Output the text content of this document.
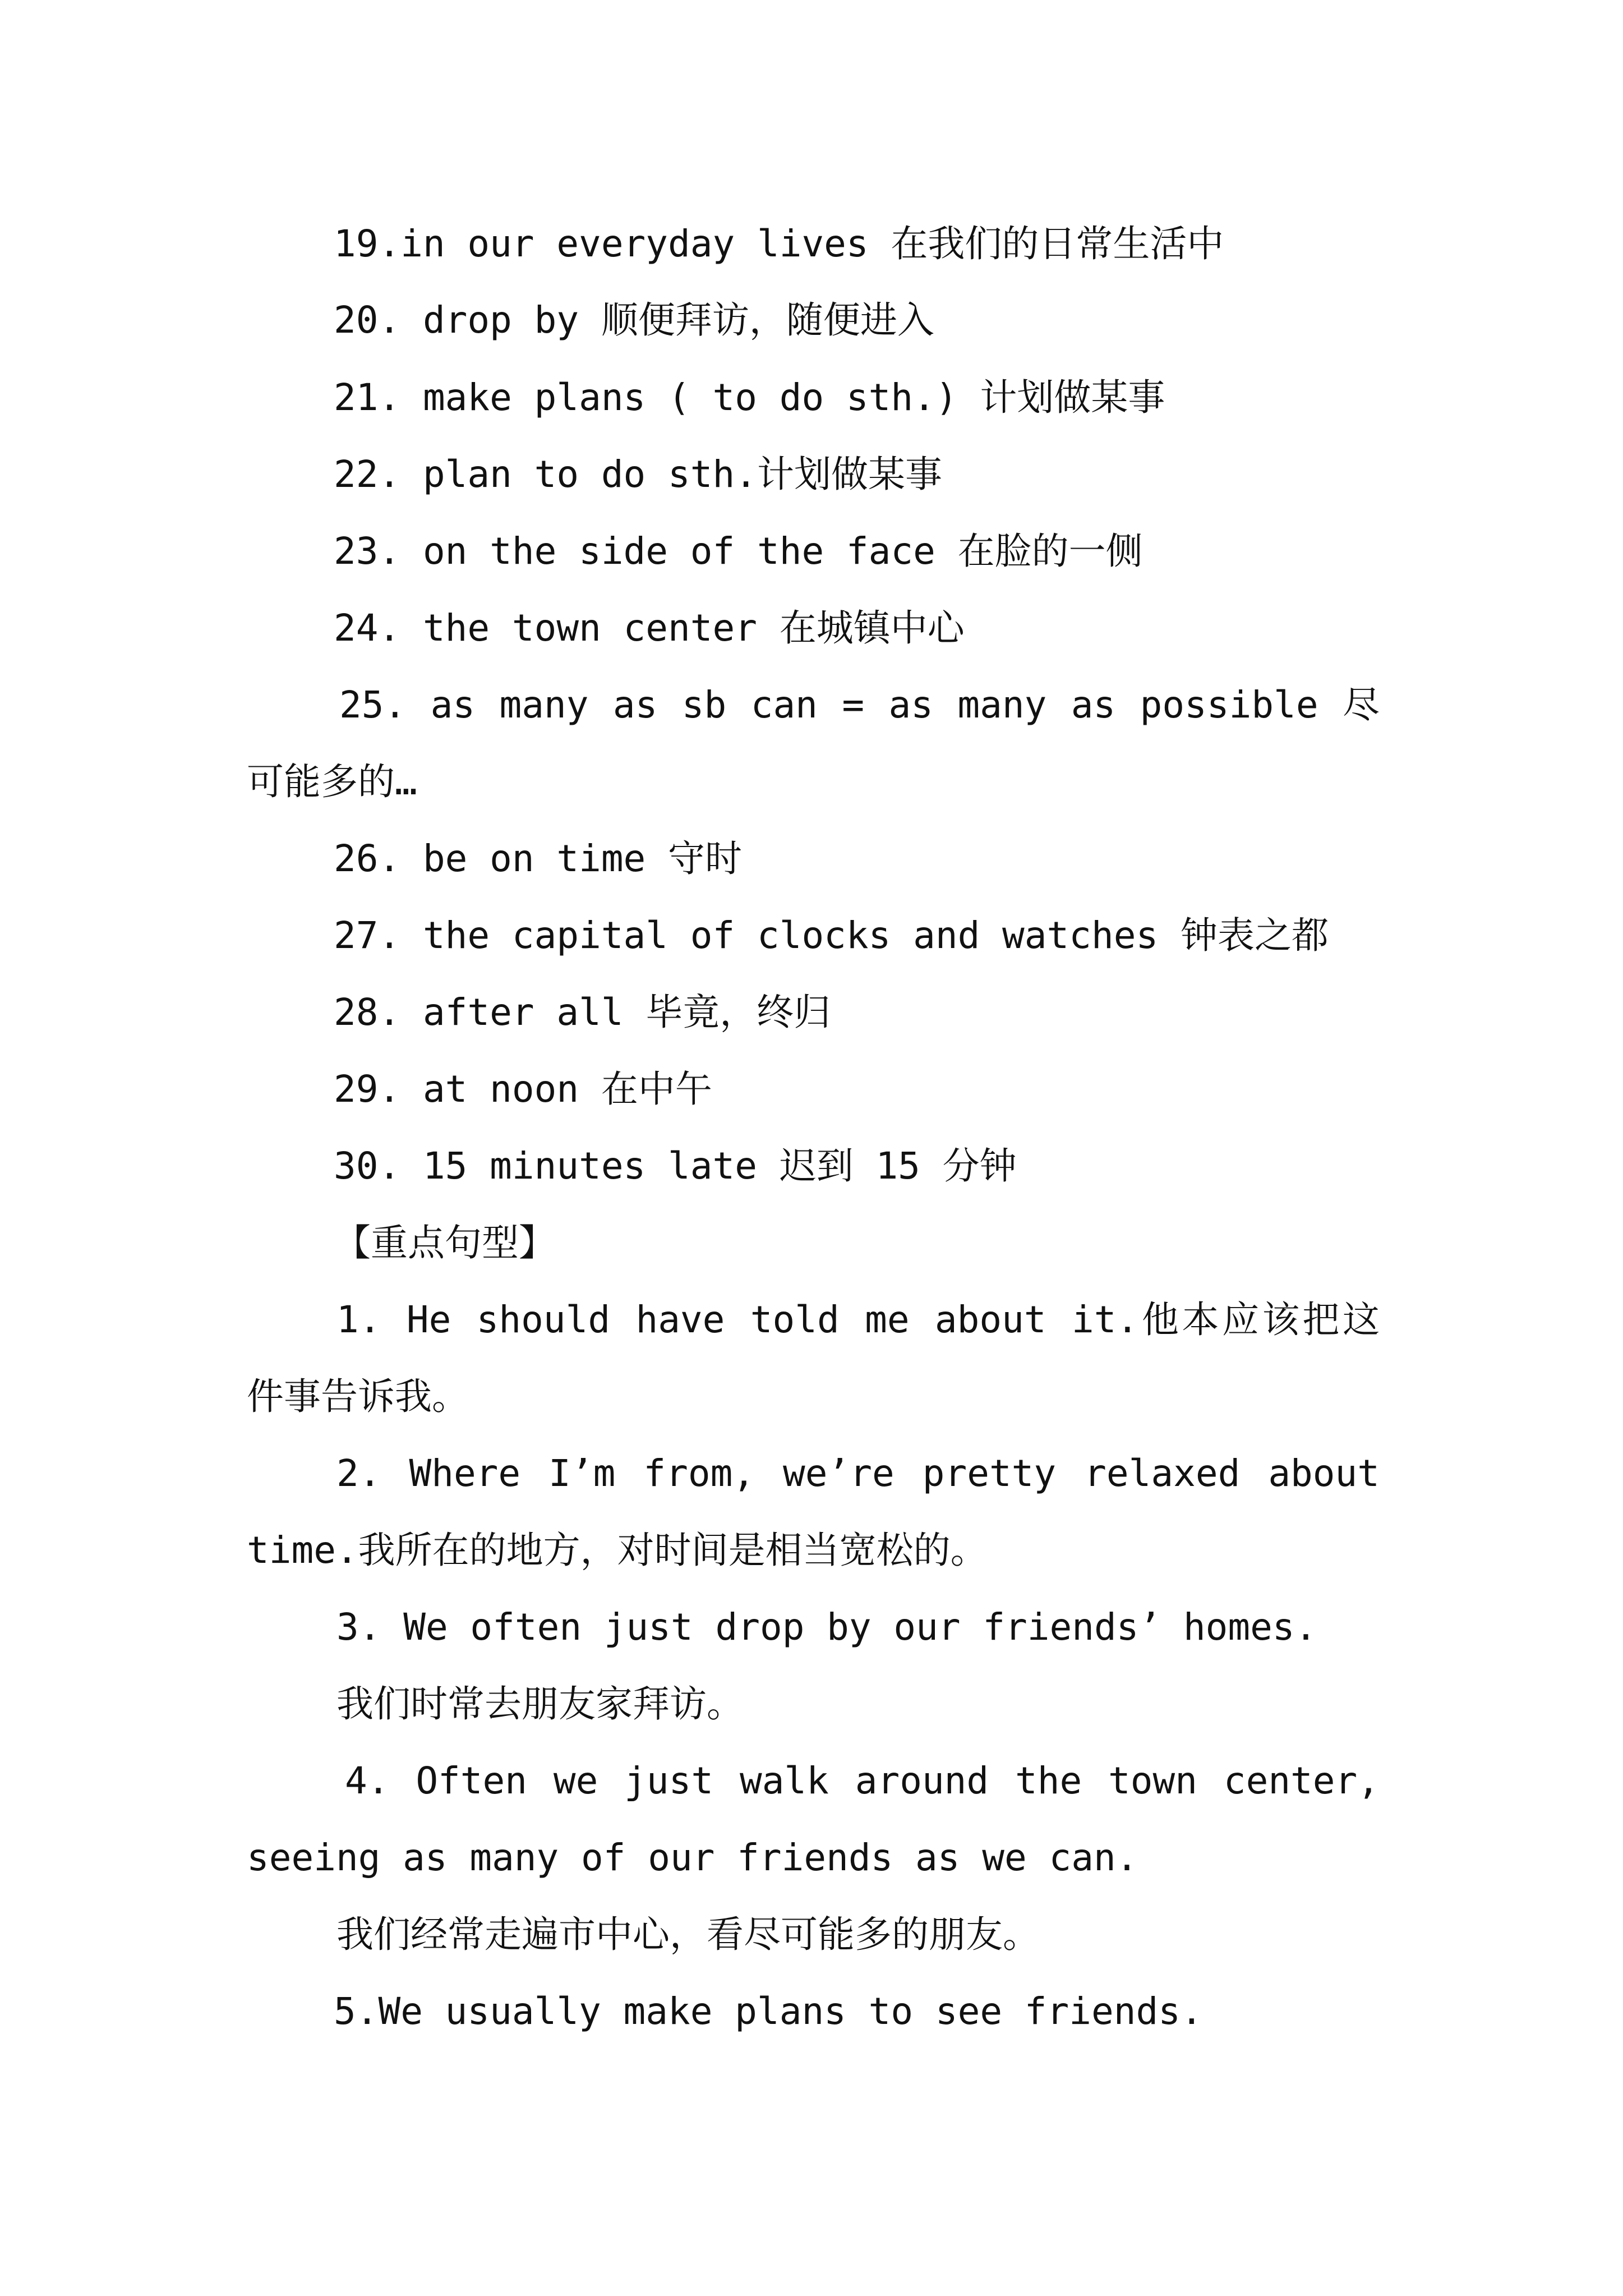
19.in our everyday lives 在我们的日常生活中
20. drop by 顺便拜访，随便进入
21. make plans ( to do sth.) 计划做某事
22. plan to do sth.计划做某事
23. on the side of the face 在脸的一侧
24. the town center 在城镇中心
25. as many as sb can = as many as possible 尽
可能多的…
26. be on time 守时
27. the capital of clocks and watches 钟表之都
28. after all 毕竟，终归
29. at noon 在中午
30. 15 minutes late 迟到 15 分钟
【重点句型】
1. He should have told me about it.他本应该把这
件事告诉我。
2. Where I’m from, we’re pretty relaxed about
time.我所在的地方，对时间是相当宽松的。
3. We often just drop by our friends’ homes.
我们时常去朋友家拜访。
4. Often we just walk around the town center,
seeing as many of our friends as we can.
我们经常走遍市中心，看尽可能多的朋友。
5.We usually make plans to see friends.
